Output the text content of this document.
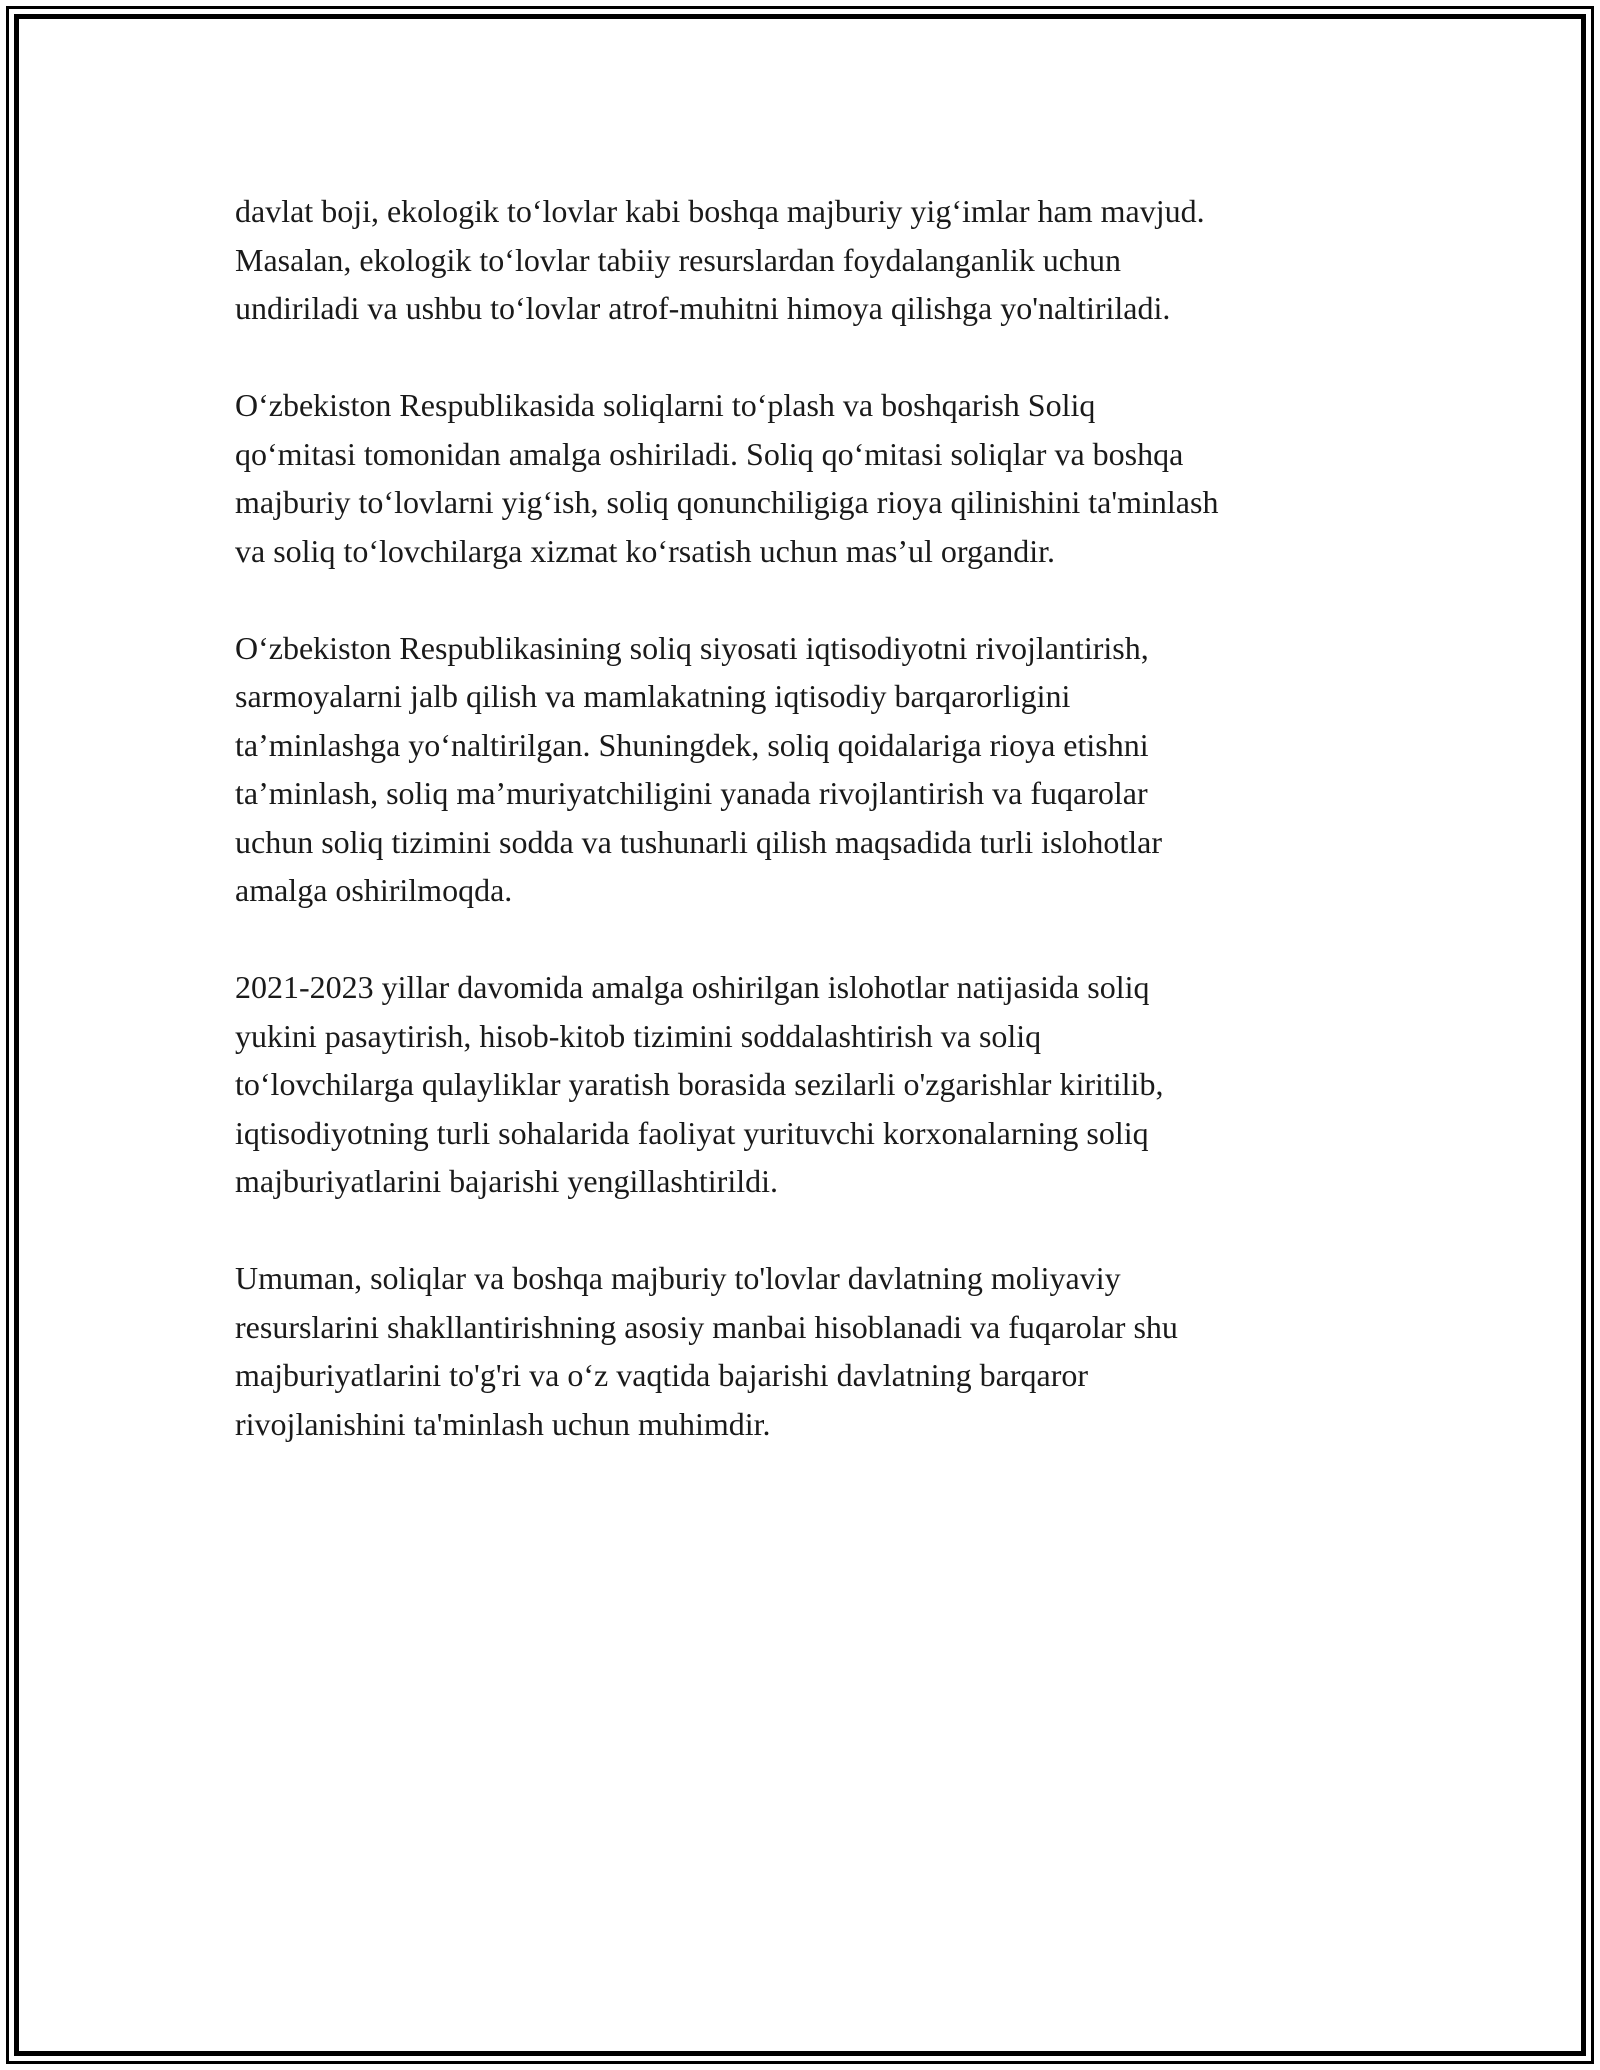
davlat boji, ekologik to‘lovlar kabi boshqa majburiy yig‘imlar ham mavjud.
Masalan, ekologik to‘lovlar tabiiy resurslardan foydalanganlik uchun
undiriladi va ushbu to‘lovlar atrof-muhitni himoya qilishga yo'naltiriladi.

O‘zbekiston Respublikasida soliqlarni to‘plash va boshqarish Soliq
qo‘mitasi tomonidan amalga oshiriladi. Soliq qo‘mitasi soliqlar va boshqa
majburiy to‘lovlarni yig‘ish, soliq qonunchiligiga rioya qilinishini ta'minlash
va soliq to‘lovchilarga xizmat ko‘rsatish uchun mas’ul organdir.

O‘zbekiston Respublikasining soliq siyosati iqtisodiyotni rivojlantirish,
sarmoyalarni jalb qilish va mamlakatning iqtisodiy barqarorligini
ta’minlashga yo‘naltirilgan. Shuningdek, soliq qoidalariga rioya etishni
ta’minlash, soliq ma’muriyatchiligini yanada rivojlantirish va fuqarolar
uchun soliq tizimini sodda va tushunarli qilish maqsadida turli islohotlar
amalga oshirilmoqda.

2021-2023 yillar davomida amalga oshirilgan islohotlar natijasida soliq
yukini pasaytirish, hisob-kitob tizimini soddalashtirish va soliq
to‘lovchilarga qulayliklar yaratish borasida sezilarli o'zgarishlar kiritilib,
iqtisodiyotning turli sohalarida faoliyat yurituvchi korxonalarning soliq
majburiyatlarini bajarishi yengillashtirildi.

Umuman, soliqlar va boshqa majburiy to'lovlar davlatning moliyaviy
resurslarini shakllantirishning asosiy manbai hisoblanadi va fuqarolar shu
majburiyatlarini to'g'ri va o‘z vaqtida bajarishi davlatning barqaror
rivojlanishini ta'minlash uchun muhimdir.
